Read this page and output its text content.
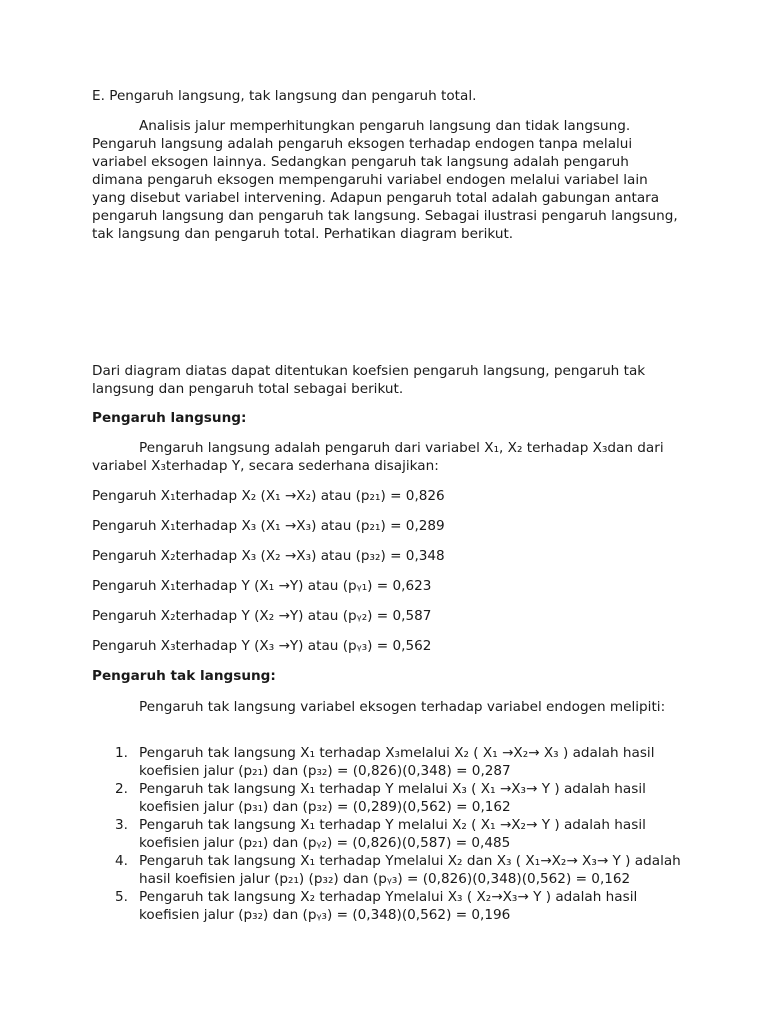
E. Pengaruh langsung, tak langsung dan pengaruh total.

Analisis jalur memperhitungkan pengaruh langsung dan tidak langsung. Pengaruh langsung adalah pengaruh eksogen terhadap endogen tanpa melalui variabel eksogen lainnya. Sedangkan pengaruh tak langsung adalah pengaruh dimana pengaruh eksogen mempengaruhi variabel endogen melalui variabel lain yang disebut variabel intervening. Adapun pengaruh total adalah gabungan antara pengaruh langsung dan pengaruh tak langsung. Sebagai ilustrasi pengaruh langsung, tak langsung dan pengaruh total. Perhatikan diagram berikut.

Dari diagram diatas dapat ditentukan koefsien pengaruh langsung, pengaruh tak langsung dan pengaruh total sebagai berikut.

Pengaruh langsung:

Pengaruh langsung adalah pengaruh dari variabel X₁, X₂ terhadap X₃dan dari variabel X₃terhadap Y, secara sederhana disajikan:

Pengaruh X₁terhadap X₂ (X₁ →X₂) atau (p₂₁) = 0,826

Pengaruh X₁terhadap X₃ (X₁ →X₃) atau (p₂₁) = 0,289

Pengaruh X₂terhadap X₃ (X₂ →X₃) atau (p₃₂) = 0,348

Pengaruh X₁terhadap Y (X₁ →Y) atau (pᵧ₁) = 0,623

Pengaruh X₂terhadap Y (X₂ →Y) atau (pᵧ₂) = 0,587

Pengaruh X₃terhadap Y (X₃ →Y) atau (pᵧ₃) = 0,562

Pengaruh tak langsung:

Pengaruh tak langsung variabel eksogen terhadap variabel endogen melipiti:

1. Pengaruh tak langsung X₁ terhadap X₃melalui X₂ ( X₁ →X₂→ X₃ ) adalah hasil koefisien jalur (p₂₁) dan (p₃₂) = (0,826)(0,348) = 0,287
2. Pengaruh tak langsung X₁ terhadap Y melalui X₃ ( X₁ →X₃→ Y ) adalah hasil koefisien jalur (p₃₁) dan (p₃₂) = (0,289)(0,562) = 0,162
3. Pengaruh tak langsung X₁ terhadap Y melalui X₂ ( X₁ →X₂→ Y ) adalah hasil koefisien jalur (p₂₁) dan (pᵧ₂) = (0,826)(0,587) = 0,485
4. Pengaruh tak langsung X₁ terhadap Ymelalui X₂ dan X₃ ( X₁→X₂→ X₃→ Y ) adalah hasil koefisien jalur (p₂₁) (p₃₂) dan (pᵧ₃) = (0,826)(0,348)(0,562) = 0,162
5. Pengaruh tak langsung X₂ terhadap Ymelalui X₃ ( X₂→X₃→ Y ) adalah hasil koefisien jalur (p₃₂) dan (pᵧ₃) = (0,348)(0,562) = 0,196
